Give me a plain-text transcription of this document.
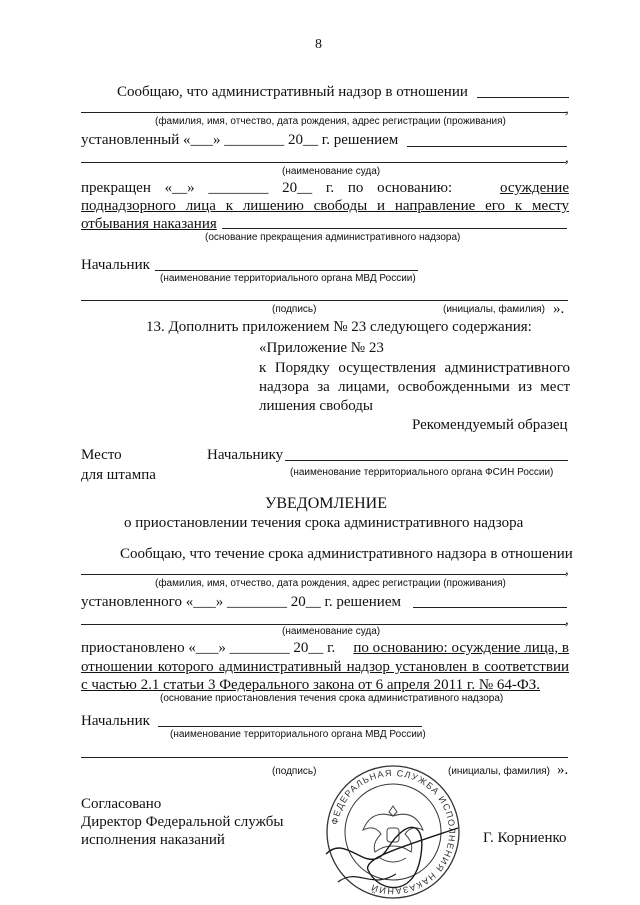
8
Сообщаю, что административный надзор в отношении
,
(фамилия, имя, отчество, дата рождения, адрес регистрации (проживания)
установленный «___» ________ 20__ г. решением
,
(наименование суда)
прекращен «__» ________ 20__ г. по основанию:	осуждение
поднадзорного лица к лишению свободы и направление его к месту
отбывания наказания
(основание прекращения административного надзора)
Начальник
(наименование территориального органа МВД России)
(подпись)	(инициалы, фамилия) ».
13. Дополнить приложением № 23 следующего содержания:
«Приложение № 23
к Порядку осуществления административного
надзора за лицами, освобожденными из мест
лишения свободы
Рекомендуемый образец
Место
для штампа
Начальнику
(наименование территориального органа ФСИН России)
УВЕДОМЛЕНИЕ
о приостановлении течения срока административного надзора
Сообщаю, что течение срока административного надзора в отношении
,
(фамилия, имя, отчество, дата рождения, адрес регистрации (проживания)
установленного «___» ________ 20__ г. решением
,
(наименование суда)
приостановлено «___» ________ 20__ г. по основанию: осуждение лица, в
отношении которого административный надзор установлен в соответствии
с частью 2.1 статьи 3 Федерального закона от 6 апреля 2011 г. № 64-ФЗ.
(основание приостановления течения срока административного надзора)
Начальник
(наименование территориального органа МВД России)
(подпись)	(инициалы, фамилия) ».
Согласовано
Директор Федеральной службы
исполнения наказаний	Г. Корниенко
ФЕДЕРАЛЬНАЯ СЛУЖБА ИСПОЛНЕНИЯ НАКАЗАНИЙ
